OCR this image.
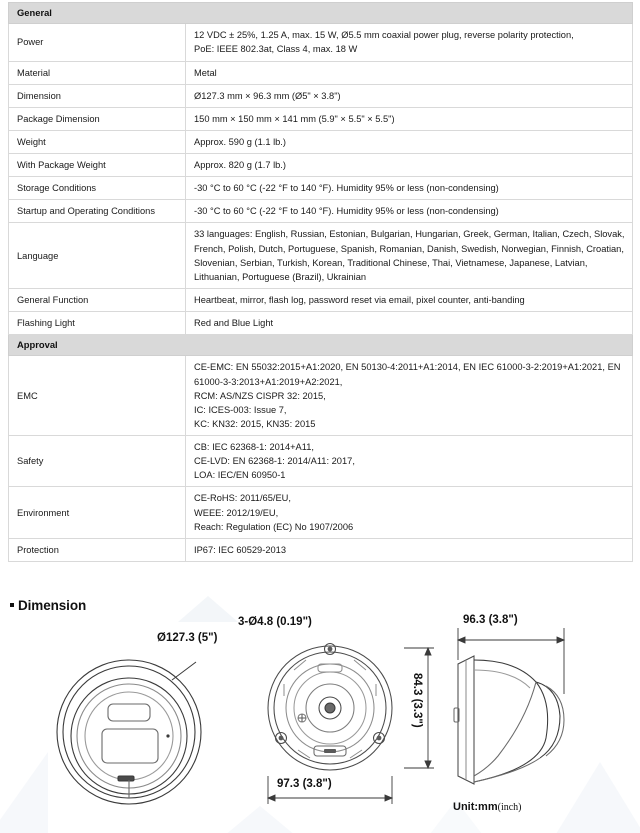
General	
Power	12 VDC ± 25%, 1.25 A, max. 15 W, Ø5.5 mm coaxial power plug, reverse polarity protection,
PoE: IEEE 802.3at, Class 4, max. 18 W

Material	Metal

Dimension	Ø127.3 mm × 96.3 mm (Ø5" × 3.8")

Package Dimension	150 mm × 150 mm × 141 mm (5.9" × 5.5" × 5.5")

Weight	Approx. 590 g (1.1 lb.)

With Package Weight	Approx. 820 g (1.7 lb.)

Storage Conditions	-30 °C to 60 °C (-22 °F to 140 °F). Humidity 95% or less (non-condensing)

Startup and Operating Conditions	-30 °C to 60 °C (-22 °F to 140 °F). Humidity 95% or less (non-condensing)

Language	33 languages: English, Russian, Estonian, Bulgarian, Hungarian, Greek, German, Italian, Czech, Slovak, French, Polish, Dutch, Portuguese, Spanish, Romanian, Danish, Swedish, Norwegian, Finnish, Croatian, Slovenian, Serbian, Turkish, Korean, Traditional Chinese, Thai, Vietnamese, Japanese, Latvian, Lithuanian, Portuguese (Brazil), Ukrainian

General Function	Heartbeat, mirror, flash log, password reset via email, pixel counter, anti-banding

Flashing Light	Red and Blue Light

Approval	
EMC	CE-EMC: EN 55032:2015+A1:2020, EN 50130-4:2011+A1:2014, EN IEC 61000-3-2:2019+A1:2021, EN 61000-3-3:2013+A1:2019+A2:2021,
RCM: AS/NZS CISPR 32: 2015,
IC: ICES-003: Issue 7,
KC: KN32: 2015, KN35: 2015

Safety	CB: IEC 62368-1: 2014+A11,
CE-LVD: EN 62368-1: 2014/A11: 2017,
LOA: IEC/EN 60950-1

Environment	CE-RoHS: 2011/65/EU,
WEEE: 2012/19/EU,
Reach: Regulation (EC) No 1907/2006

Protection	IP67: IEC 60529-2013
Dimension
Ø127.3 (5")
97.3 (3.8")
84.3 (3.3")
3-Ø4.8 (0.19")	96.3 (3.8")
Unit:mm(inch)
